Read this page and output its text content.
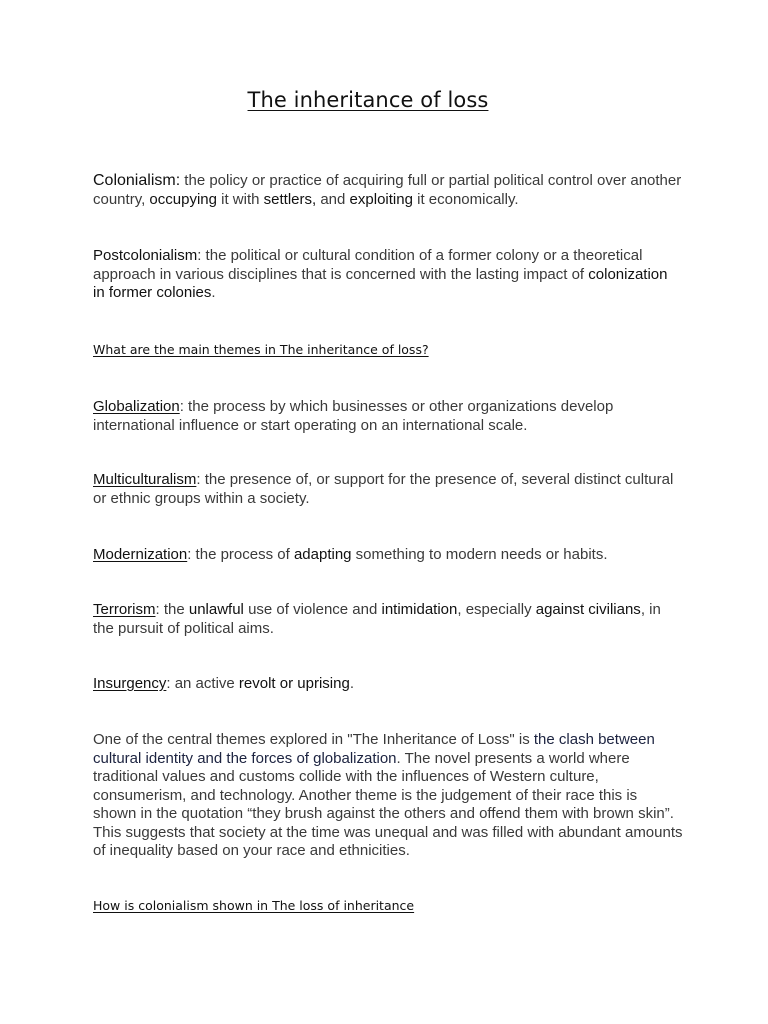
The inheritance of loss

Colonialism: the policy or practice of acquiring full or partial political control over another country, occupying it with settlers, and exploiting it economically.

Postcolonialism: the political or cultural condition of a former colony or a theoretical approach in various disciplines that is concerned with the lasting impact of colonization in former colonies.

What are the main themes in The inheritance of loss?

Globalization: the process by which businesses or other organizations develop international influence or start operating on an international scale.

Multiculturalism: the presence of, or support for the presence of, several distinct cultural or ethnic groups within a society.

Modernization: the process of adapting something to modern needs or habits.

Terrorism: the unlawful use of violence and intimidation, especially against civilians, in the pursuit of political aims.

Insurgency: an active revolt or uprising.

One of the central themes explored in "The Inheritance of Loss" is the clash between cultural identity and the forces of globalization. The novel presents a world where traditional values and customs collide with the influences of Western culture, consumerism, and technology. Another theme is the judgement of their race this is shown in the quotation “they brush against the others and offend them with brown skin”. This suggests that society at the time was unequal and was filled with abundant amounts of inequality based on your race and ethnicities.

How is colonialism shown in The loss of inheritance
